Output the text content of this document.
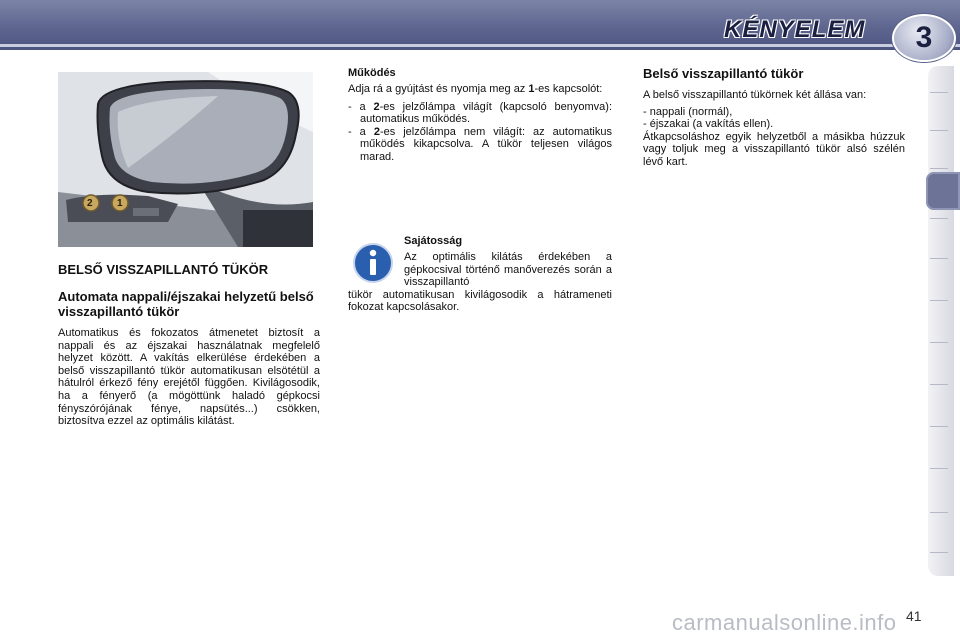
KÉNYELEM	3
2 1
BELSŐ VISSZAPILLANTÓ TÜKÖR
Automata nappali/éjszakai helyzetű belső visszapillantó tükör

Automatikus és fokozatos átmenetet biztosít a nappali és az éjszakai használatnak megfelelő helyzet között. A vakítás elkerülése érdekében a belső visszapillantó tükör automatikusan elsötétül a hátulról érkező fény erejétől függően. Kivilágosodik, ha a fényerő (a mögöttünk haladó gépkocsi fényszórójának fénye, napsütés...) csökken, biztosítva ezzel az optimális kilátást.

Működés

Adja rá a gyújtást és nyomja meg az 1-es kapcsolót:

- a 2-es jelzőlámpa világít (kapcsoló benyomva): automatikus működés.

- a 2-es jelzőlámpa nem világít: az automatikus működés kikapcsolva. A tükör teljesen világos marad.

Sajátosság

Az optimális kilátás érdekében a gépkocsival történő manőverezés során a visszapillantó

tükör automatikusan kivilágosodik a hátrameneti fokozat kapcsolásakor.

Belső visszapillantó tükör

A belső visszapillantó tükörnek két állása van:

- nappali (normál),

- éjszakai (a vakítás ellen).

Átkapcsoláshoz egyik helyzetből a másikba húzzuk vagy toljuk meg a visszapillantó tükör alsó szélén lévő kart.

carmanualsonline.info 41
